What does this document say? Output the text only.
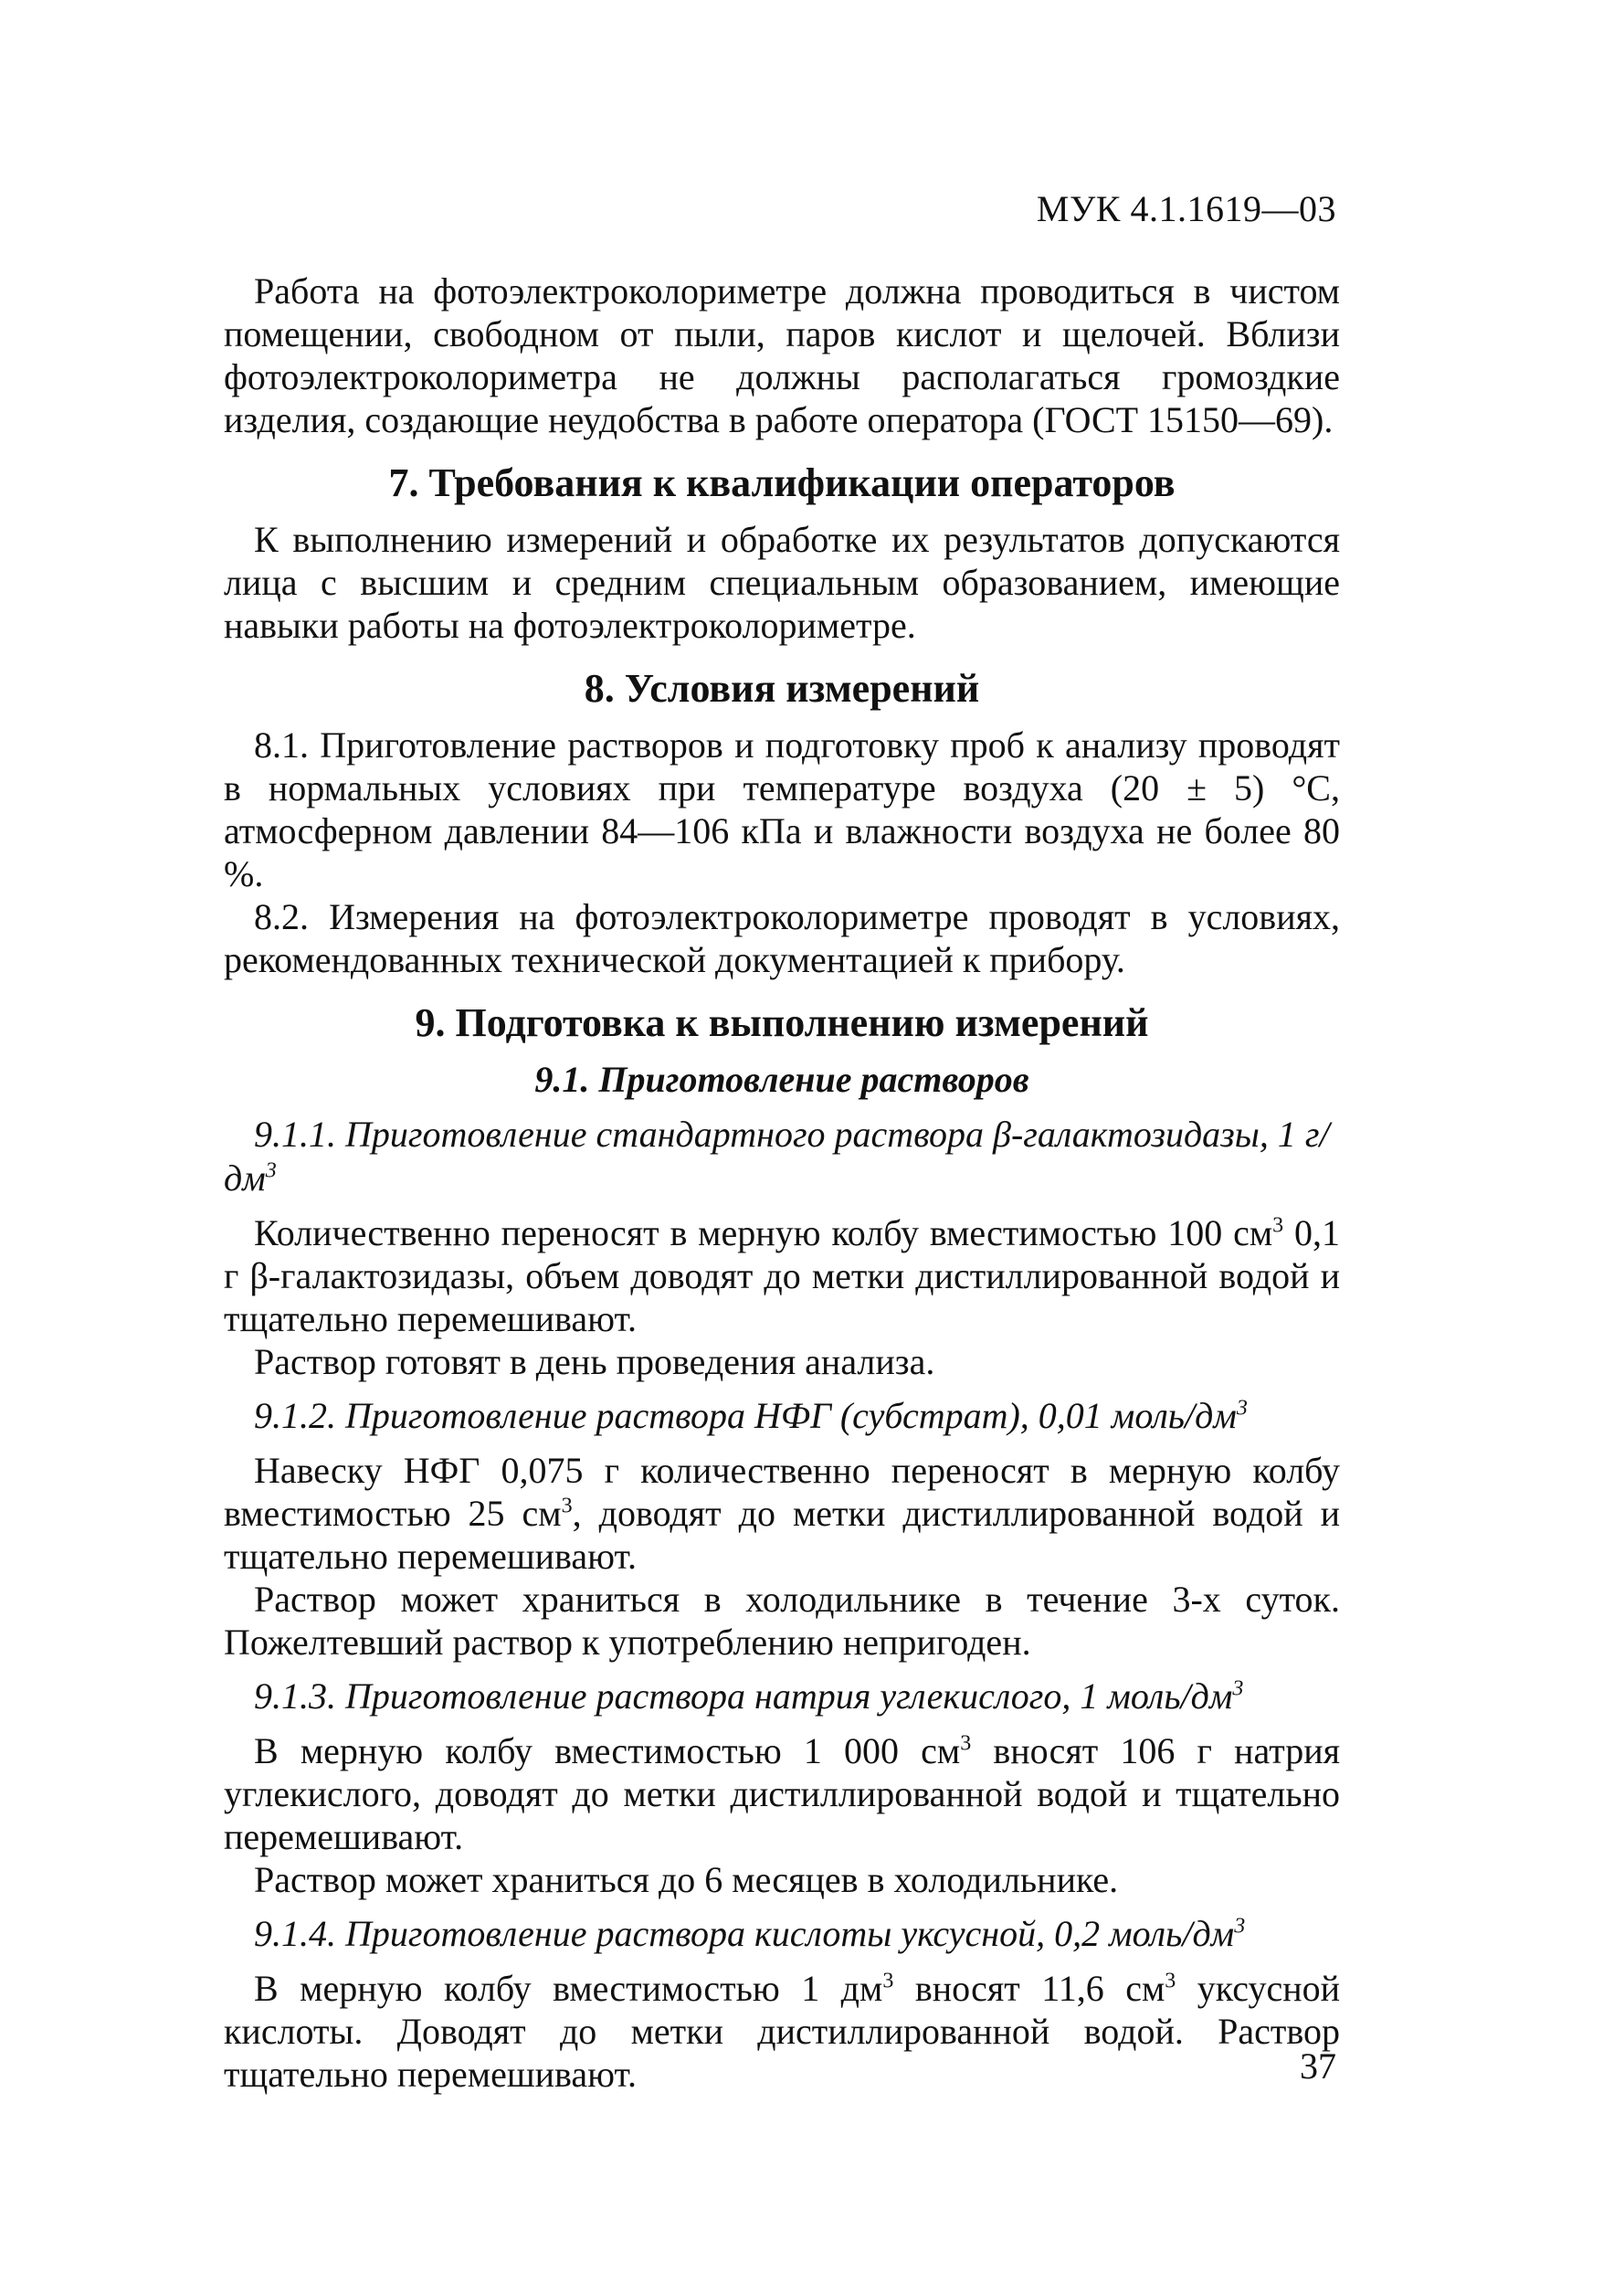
МУК 4.1.1619—03

Работа на фотоэлектроколориметре должна проводиться в чистом помещении, свободном от пыли, паров кислот и щелочей. Вблизи фотоэлектроколориметра не должны располагаться громоздкие изделия, создающие неудобства в работе оператора (ГОСТ 15150—69).

7. Требования к квалификации операторов

К выполнению измерений и обработке их результатов допускаются лица с высшим и средним специальным образованием, имеющие навыки работы на фотоэлектроколориметре.

8. Условия измерений

8.1. Приготовление растворов и подготовку проб к анализу проводят в нормальных условиях при температуре воздуха (20 ± 5) °С, атмосферном давлении 84—106 кПа и влажности воздуха не более 80 %.

8.2. Измерения на фотоэлектроколориметре проводят в условиях, рекомендованных технической документацией к прибору.

9. Подготовка к выполнению измерений
9.1. Приготовление растворов
9.1.1. Приготовление стандартного раствора β-галактозидазы, 1 $г/дм^3$

Количественно переносят в мерную колбу вместимостью 100 $см^3$ 0,1 г β-галактозидазы, объем доводят до метки дистиллированной водой и тщательно перемешивают.

Раствор готовят в день проведения анализа.

9.1.2. Приготовление раствора НФГ (субстрат), 0,01 моль/$дм^3$

Навеску НФГ 0,075 г количественно переносят в мерную колбу вместимостью 25 $см^3$, доводят до метки дистиллированной водой и тщательно перемешивают.

Раствор может храниться в холодильнике в течение 3-х суток. Пожелтевший раствор к употреблению непригоден.

9.1.3. Приготовление раствора натрия углекислого, 1 моль/$дм^3$

В мерную колбу вместимостью 1 000 $см^3$ вносят 106 г натрия углекислого, доводят до метки дистиллированной водой и тщательно перемешивают.

Раствор может храниться до 6 месяцев в холодильнике.

9.1.4. Приготовление раствора кислоты уксусной, 0,2 моль/$дм^3$

В мерную колбу вместимостью 1 $дм^3$ вносят 11,6 $см^3$ уксусной кислоты. Доводят до метки дистиллированной водой. Раствор тщательно перемешивают.	37
